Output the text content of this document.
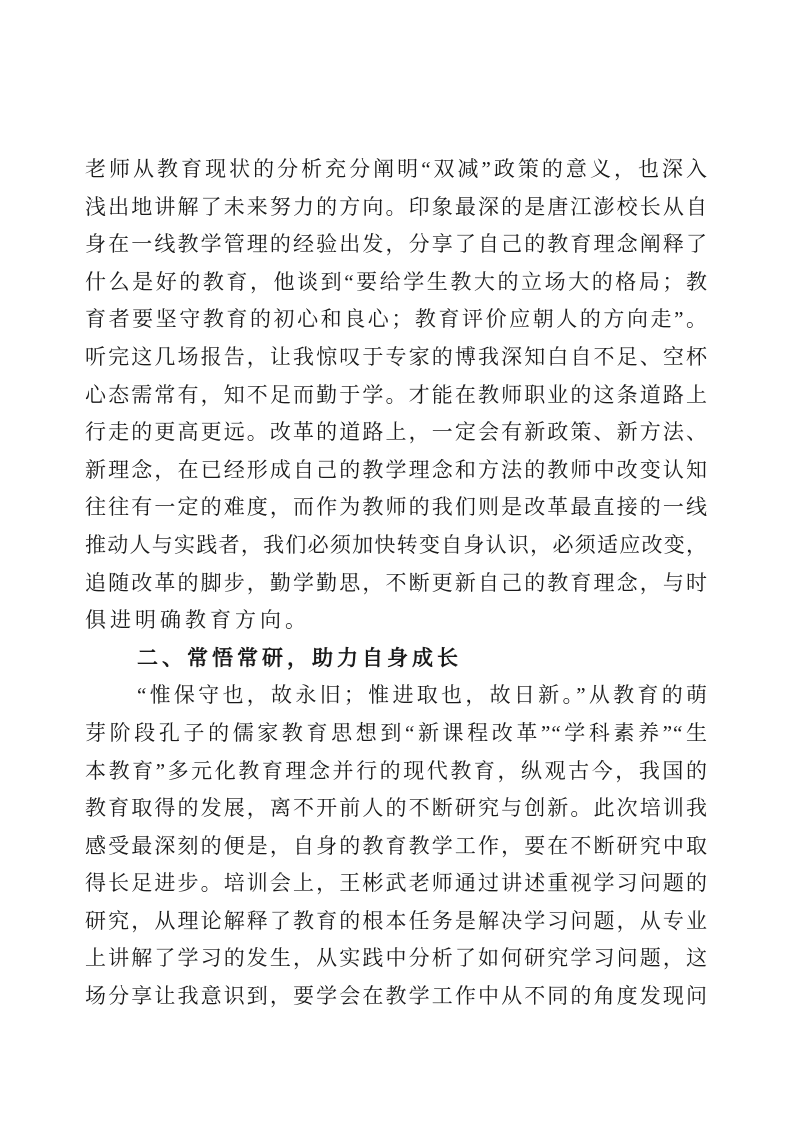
老师从教育现状的分析充分阐明“双减”政策的意义，也深入
浅出地讲解了未来努力的方向。印象最深的是唐江澎校长从自
身在一线教学管理的经验出发，分享了自己的教育理念阐释了
什么是好的教育，他谈到“要给学生教大的立场大的格局；教
育者要坚守教育的初心和良心；教育评价应朝人的方向走”。
听完这几场报告，让我惊叹于专家的博我深知白自不足、空杯
心态需常有，知不足而勤于学。才能在教师职业的这条道路上
行走的更高更远。改革的道路上，一定会有新政策、新方法、
新理念，在已经形成自己的教学理念和方法的教师中改变认知
往往有一定的难度，而作为教师的我们则是改革最直接的一线
推动人与实践者，我们必须加快转变自身认识，必须适应改变，
追随改革的脚步，勤学勤思，不断更新自己的教育理念，与时
俱进明确教育方向。
二、常悟常研，助力自身成长
“惟保守也，故永旧；惟进取也，故日新。”从教育的萌
芽阶段孔子的儒家教育思想到“新课程改革”“学科素养”“生
本教育”多元化教育理念并行的现代教育，纵观古今，我国的
教育取得的发展，离不开前人的不断研究与创新。此次培训我
感受最深刻的便是，自身的教育教学工作，要在不断研究中取
得长足进步。培训会上，王彬武老师通过讲述重视学习问题的
研究，从理论解释了教育的根本任务是解决学习问题，从专业
上讲解了学习的发生，从实践中分析了如何研究学习问题，这
场分享让我意识到，要学会在教学工作中从不同的角度发现问
